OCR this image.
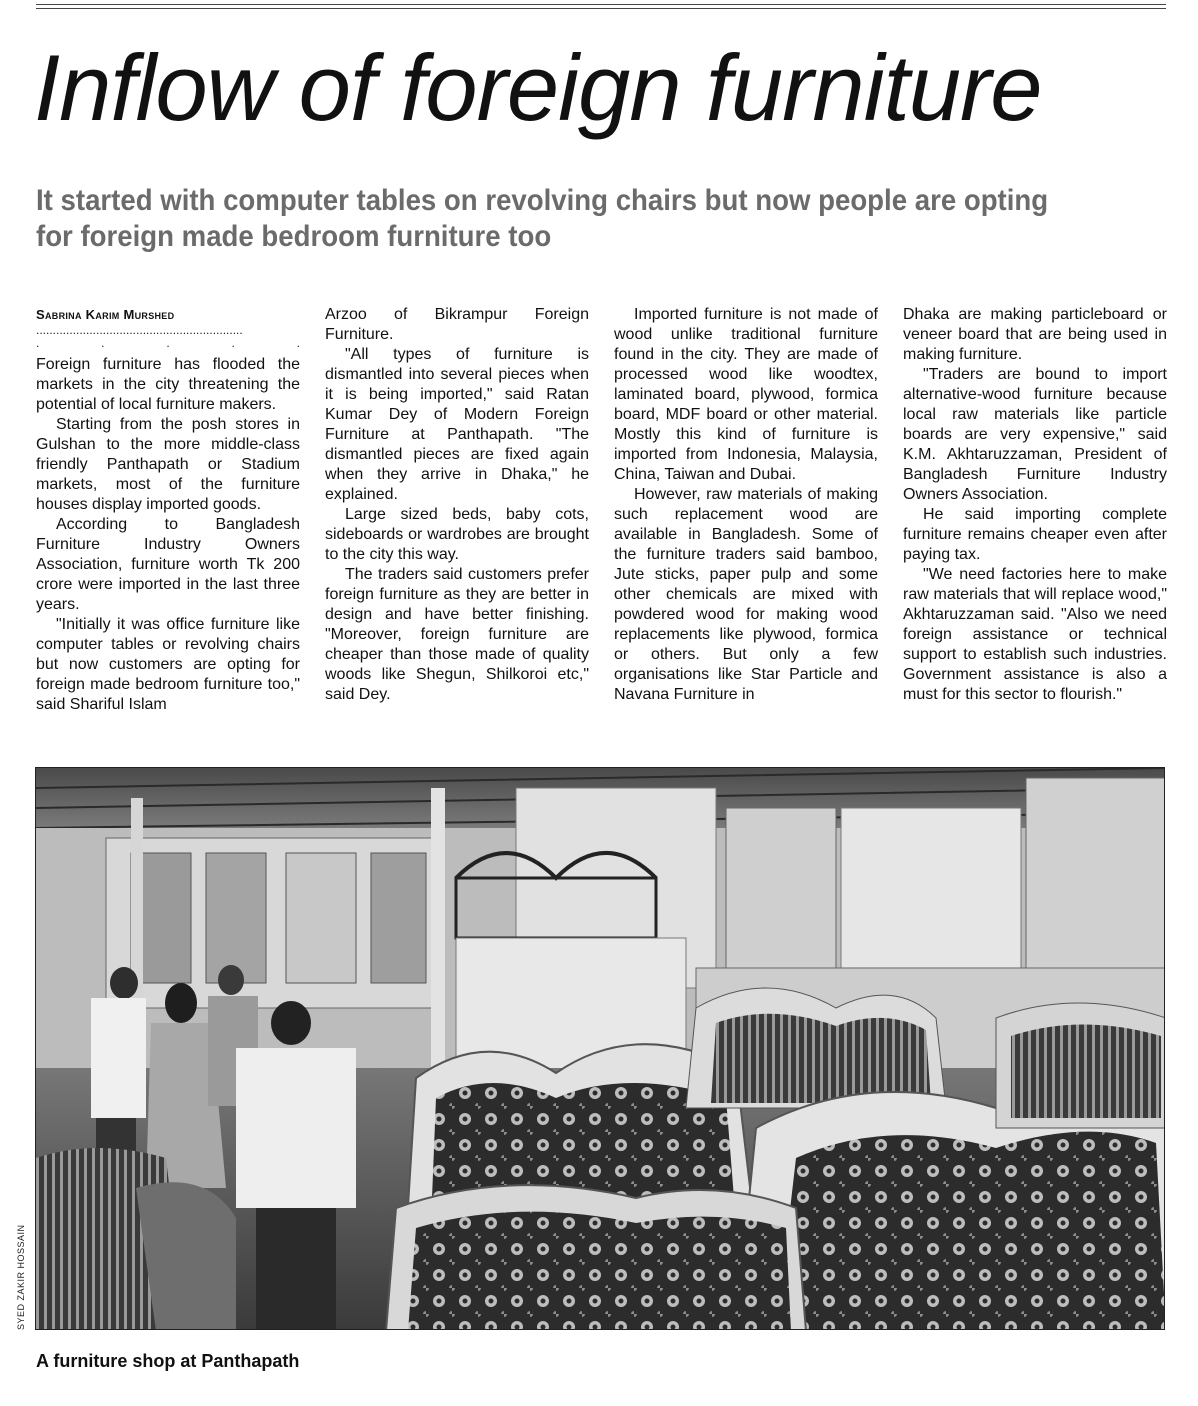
Inflow of foreign furniture
It started with computer tables on revolving chairs but now people are opting for foreign made bedroom furniture too

Sabrina Karim Murshed

..............................................................

.	.	.	.	.

Foreign furniture has flooded the markets in the city threatening the potential of local furniture makers.

Starting from the posh stores in Gulshan to the more middle-class friendly Panthapath or Stadium markets, most of the furniture houses display imported goods.

According to Bangladesh Furniture Industry Owners Association, furniture worth Tk 200 crore were imported in the last three years.

"Initially it was office furniture like computer tables or revolving chairs but now customers are opting for foreign made bedroom furniture too," said Shariful Islam

Arzoo of Bikrampur Foreign Furniture.

"All types of furniture is dismantled into several pieces when it is being imported," said Ratan Kumar Dey of Modern Foreign Furniture at Panthapath. "The dismantled pieces are fixed again when they arrive in Dhaka," he explained.

Large sized beds, baby cots, sideboards or wardrobes are brought to the city this way.

The traders said customers prefer foreign furniture as they are better in design and have better finishing. "Moreover, foreign furniture are cheaper than those made of quality woods like Shegun, Shilkoroi etc," said Dey.

Imported furniture is not made of wood unlike traditional furniture found in the city. They are made of processed wood like woodtex, laminated board, plywood, formica board, MDF board or other material. Mostly this kind of furniture is imported from Indonesia, Malaysia, China, Taiwan and Dubai.

However, raw materials of making such replacement wood are available in Bangladesh. Some of the furniture traders said bamboo, Jute sticks, paper pulp and some other chemicals are mixed with powdered wood for making wood replacements like plywood, formica or others. But only a few organisations like Star Particle and Navana Furniture in

Dhaka are making particleboard or veneer board that are being used in making furniture.

"Traders are bound to import alternative-wood furniture because local raw materials like particle boards are very expensive," said K.M. Akhtaruzzaman, President of Bangladesh Furniture Industry Owners Association.

He said importing complete furniture remains cheaper even after paying tax.

"We need factories here to make raw materials that will replace wood," Akhtaruzzaman said. "Also we need foreign assistance or technical support to establish such industries. Government assistance is also a must for this sector to flourish."

SYED ZAKIR HOSSAIN

A furniture shop at Panthapath
